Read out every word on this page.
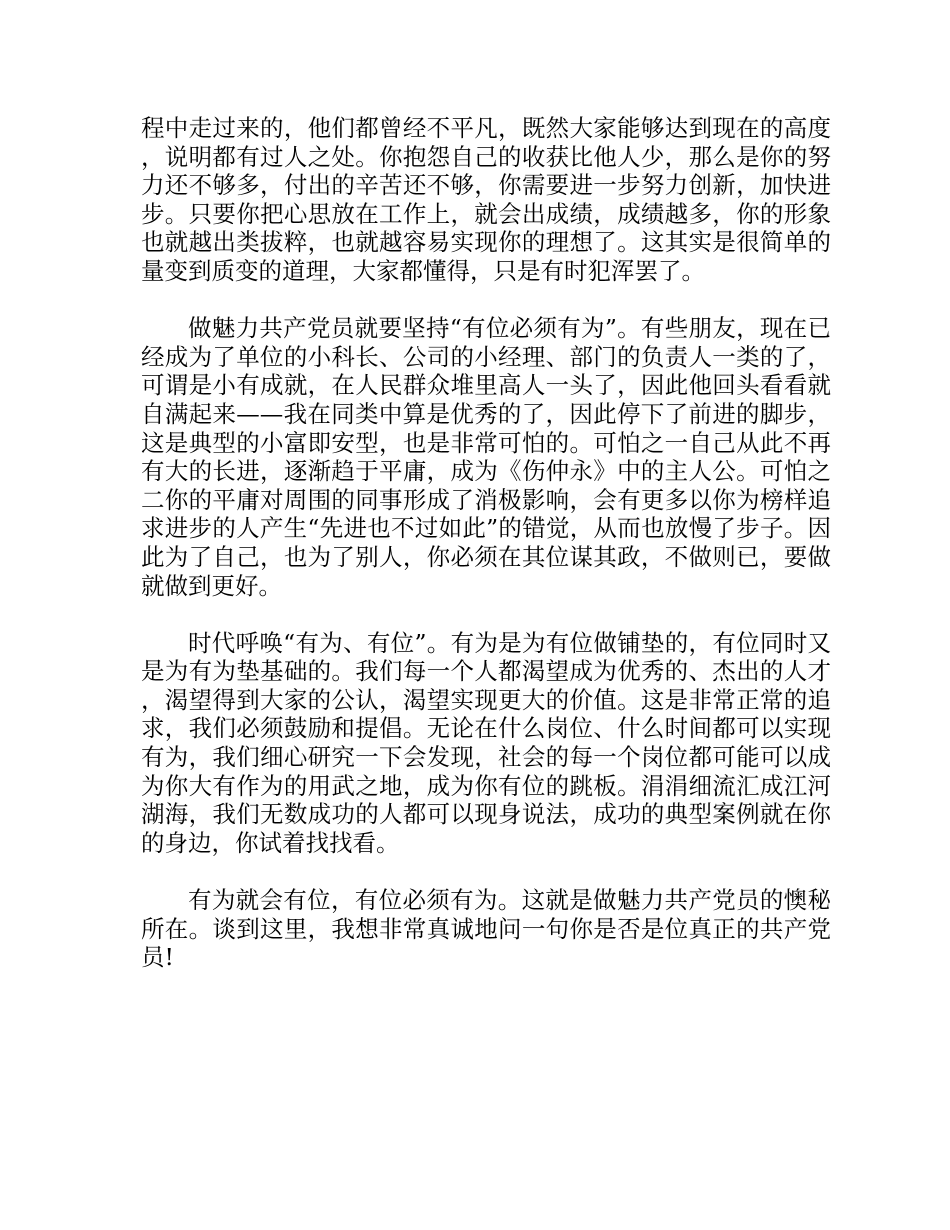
程中走过来的，他们都曾经不平凡，既然大家能够达到现在的高度，说明都有过人之处。你抱怨自己的收获比他人少，那么是你的努力还不够多，付出的辛苦还不够，你需要进一步努力创新，加快进步。只要你把心思放在工作上，就会出成绩，成绩越多，你的形象也就越出类拔粹，也就越容易实现你的理想了。这其实是很简单的量变到质变的道理，大家都懂得，只是有时犯浑罢了。

做魅力共产党员就要坚持“有位必须有为”。有些朋友，现在已经成为了单位的小科长、公司的小经理、部门的负责人一类的了，可谓是小有成就，在人民群众堆里高人一头了，因此他回头看看就自满起来——我在同类中算是优秀的了，因此停下了前进的脚步，这是典型的小富即安型，也是非常可怕的。可怕之一自己从此不再有大的长进，逐渐趋于平庸，成为《伤仲永》中的主人公。可怕之二你的平庸对周围的同事形成了消极影响，会有更多以你为榜样追求进步的人产生“先进也不过如此”的错觉，从而也放慢了步子。因此为了自己，也为了别人，你必须在其位谋其政，不做则已，要做就做到更好。

时代呼唤“有为、有位”。有为是为有位做铺垫的，有位同时又是为有为垫基础的。我们每一个人都渴望成为优秀的、杰出的人才，渴望得到大家的公认，渴望实现更大的价值。这是非常正常的追求，我们必须鼓励和提倡。无论在什么岗位、什么时间都可以实现有为，我们细心研究一下会发现，社会的每一个岗位都可能可以成为你大有作为的用武之地，成为你有位的跳板。涓涓细流汇成江河湖海，我们无数成功的人都可以现身说法，成功的典型案例就在你的身边，你试着找找看。

有为就会有位，有位必须有为。这就是做魅力共产党员的懊秘所在。谈到这里，我想非常真诚地问一句你是否是位真正的共产党员!
